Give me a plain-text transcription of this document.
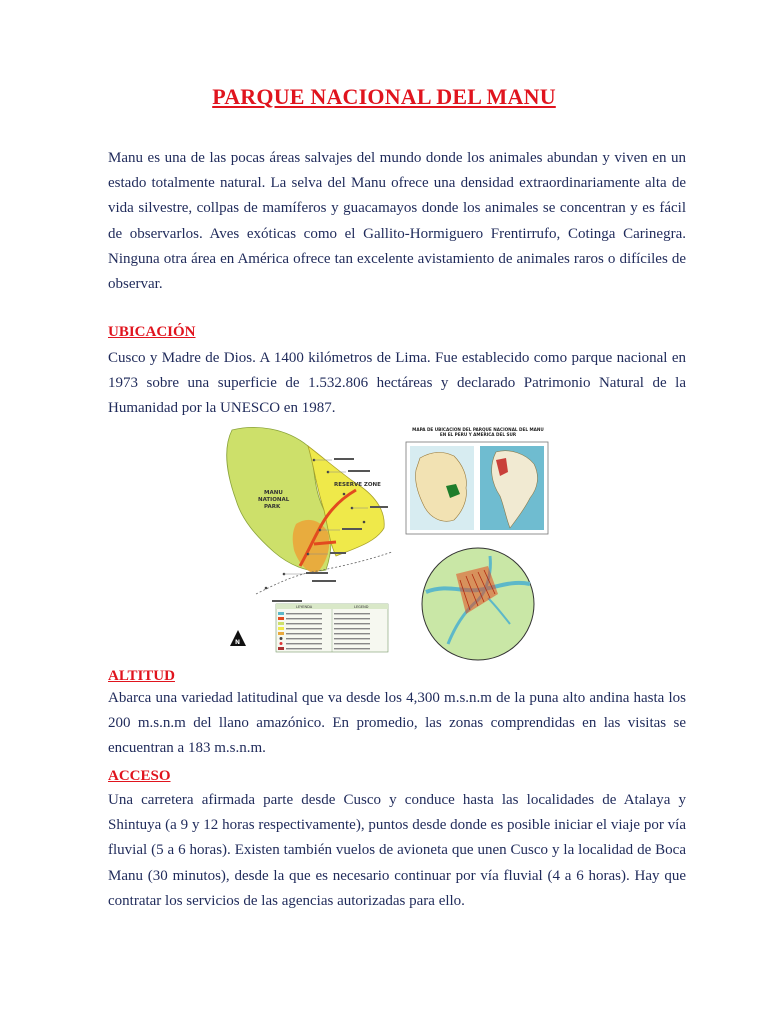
PARQUE NACIONAL DEL MANU

Manu es una de las pocas áreas salvajes del mundo donde los animales abundan y viven en un estado totalmente natural. La selva del Manu ofrece una densidad extraordinariamente alta de vida silvestre, collpas de mamíferos y guacamayos donde los animales se concentran y es fácil de observarlos. Aves exóticas como el Gallito-Hormiguero Frentirrufo, Cotinga Carinegra. Ninguna otra área en América ofrece tan excelente avistamiento de animales raros o difíciles de observar.

UBICACIÓN

Cusco y Madre de Dios. A 1400 kilómetros de Lima. Fue establecido como parque nacional en 1973 sobre una superficie de 1.532.806 hectáreas y declarado Patrimonio Natural de la Humanidad por la UNESCO en 1987.

MANU
NATIONAL
PARK
RESERVE ZONE
LEYENDA	LEGEND
N
MAPA DE UBICACION DEL PARQUE NACIONAL DEL MANU
EN EL PERU Y AMERICA DEL SUR
ALTITUD

Abarca una variedad latitudinal que va desde los 4,300 m.s.n.m de la puna alto andina hasta los 200 m.s.n.m del llano amazónico. En promedio, las zonas comprendidas en las visitas se encuentran a 183 m.s.n.m.

ACCESO

Una carretera afirmada parte desde Cusco y conduce hasta las localidades de Atalaya y Shintuya (a 9 y 12 horas respectivamente), puntos desde donde es posible iniciar el viaje por vía fluvial (5 a 6 horas). Existen también vuelos de avioneta que unen Cusco y la localidad de Boca Manu (30 minutos), desde la que es necesario continuar por vía fluvial (4 a 6 horas). Hay que contratar los servicios de las agencias autorizadas para ello.
